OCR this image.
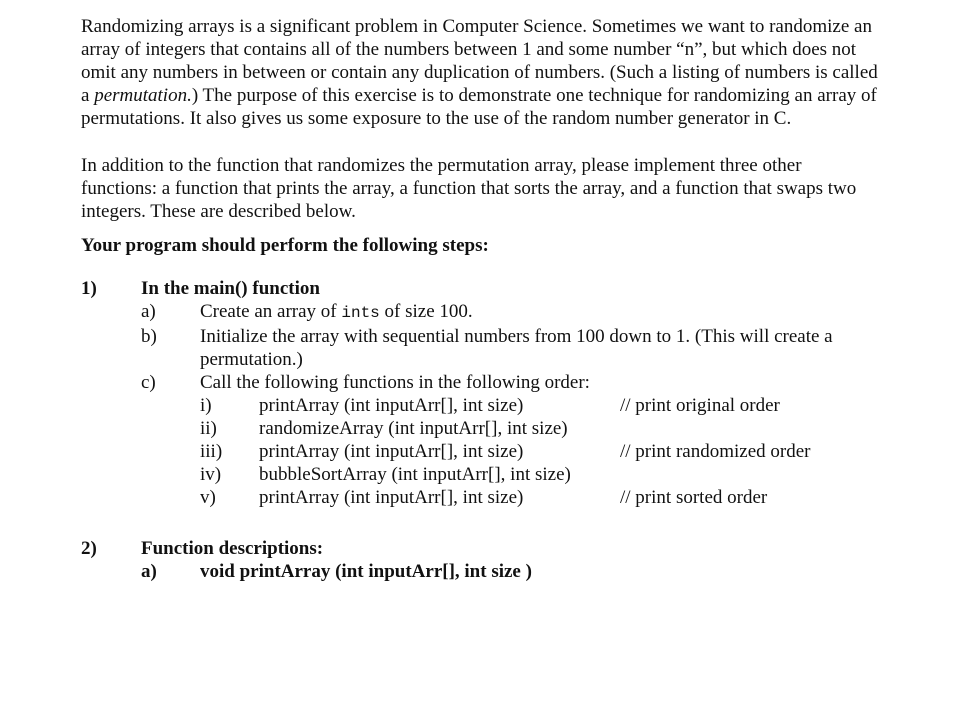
Randomizing arrays is a significant problem in Computer Science. Sometimes we want to randomize an array of integers that contains all of the numbers between 1 and some number “n”, but which does not omit any numbers in between or contain any duplication of numbers. (Such a listing of numbers is called a permutation.) The purpose of this exercise is to demonstrate one technique for randomizing an array of permutations. It also gives us some exposure to the use of the random number generator in C.

In addition to the function that randomizes the permutation array, please implement three other functions: a function that prints the array, a function that sorts the array, and a function that swaps two integers. These are described below.

Your program should perform the following steps:
1) In the main() function
a) Create an array of ints of size 100.
b) Initialize the array with sequential numbers from 100 down to 1. (This will create a permutation.)
c) Call the following functions in the following order:
i) printArray (int inputArr[], int size)	// print original order
ii) randomizeArray (int inputArr[], int size)
iii) printArray (int inputArr[], int size)	// print randomized order
iv) bubbleSortArray (int inputArr[], int size)
v) printArray (int inputArr[], int size)	// print sorted order
2) Function descriptions:
a) void printArray (int inputArr[], int size )
